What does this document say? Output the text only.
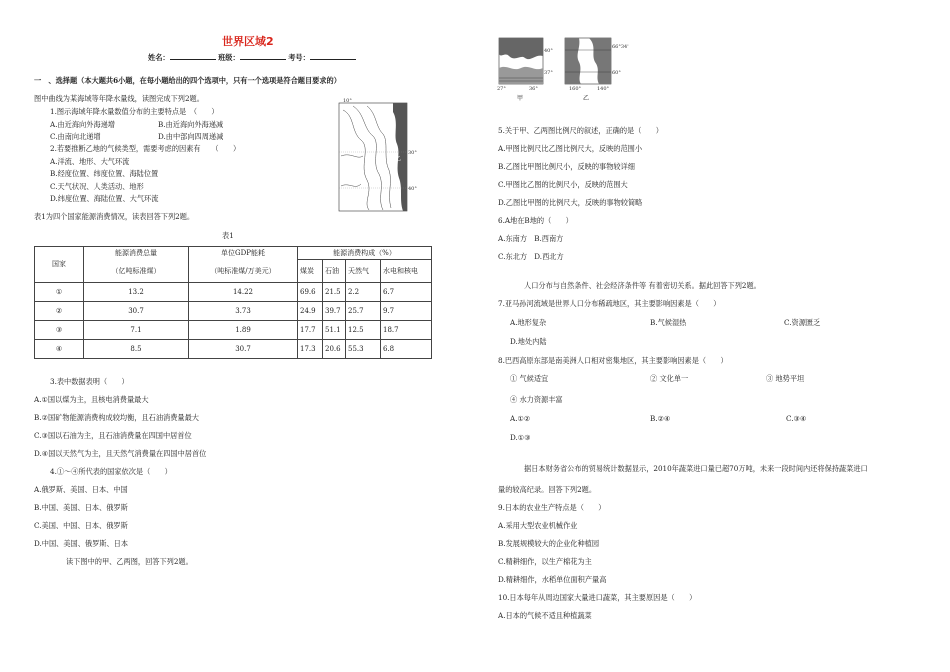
世界区域2
姓名：	班级：	考号：
一　、选择题（本大题共6小题，在每小题给出的四个选项中，只有一个选项是符合题目要求的）
图中曲线为某海域等年降水量线，读图完成下列2题。
1.图示海域年降水量数值分布的主要特点是　（　　）
A.由近海向外海递增	B.由近海向外海递减
C.由南向北递增	D.由中部向四周递减
2.若要推断乙地的气候类型，需要考虑的因素有　　（　　）
A.洋流、地形、大气环流
B.经度位置、纬度位置、海陆位置
C.天气状况、人类活动、地形
D.纬度位置、海陆位置、大气环流
10°
30°
40°
乙
表1为四个国家能源消费情况，读表回答下列2题。
表1
国家	能源消费总量	单位GDP能耗	能源消费构成（%）			
	（亿吨标准煤）	（吨标准煤/万美元）	煤炭	石油	天然气	水电和核电
①	13.2	14.22	69.6	21.5	2.2	6.7
②	30.7	3.73	24.9	39.7	25.7	9.7
③	7.1	1.89	17.7	51.1	12.5	18.7
④	8.5	30.7	17.3	20.6	55.3	6.8
3.表中数据表明（　　）
A.①国以煤为主，且核电消费量最大
B.②国矿物能源消费构成较均衡，且石油消费量最大
C.③国以石油为主，且石油消费量在四国中居首位
D.④国以天然气为主，且天然气消费量在四国中居首位
4.①～④所代表的国家依次是（　　）
A.俄罗斯、美国、日本、中国
B.中国、美国、日本、俄罗斯
C.美国、中国、日本、俄罗斯
D.中国、美国、俄罗斯、日本
读下图中的甲、乙两图，回答下列2题。
27°	36°
40°
37°
甲
66°34'
60°
160°	140°
乙
5.关于甲、乙两图比例尺的叙述，正确的是（　　）
A.甲图比例尺比乙图比例尺大，反映的范围小
B.乙图比甲图比例尺小，反映的事物较详细
C.甲图比乙图的比例尺小，反映的范围大
D.乙图比甲图的比例尺大，反映的事物较简略
6.A地在B地的（　　）
A.东南方　B.西南方
C.东北方　D.西北方
人口分布与自然条件、社会经济条件等 有着密切关系。据此回答下列2题。
7.亚马孙河流域是世界人口分布稀疏地区，其主要影响因素是（　　）
A.地形复杂	B.气候湿热	C.资源匮乏
D.地处内陆
8.巴西高原东部是南美洲人口相对密集地区，其主要影响因素是（　　）
① 气候适宜	② 文化单一	③ 地势平坦
④ 水力资源丰富
A.①②	B.②④	C.③④
D.①③
据日本财务省公布的贸易统计数据显示，2010年蔬菜进口量已超70万吨，未来一段时间内还将保持蔬菜进口
量的较高纪录。回答下列2题。
9.日本的农业生产特点是（　　）
A.采用大型农业机械作业
B.发展规模较大的企业化种植园
C.精耕细作，以生产棉花为主
D.精耕细作，水稻单位面积产量高
10.日本每年从周边国家大量进口蔬菜，其主要原因是（　　）
A.日本的气候不适且种植蔬菜
